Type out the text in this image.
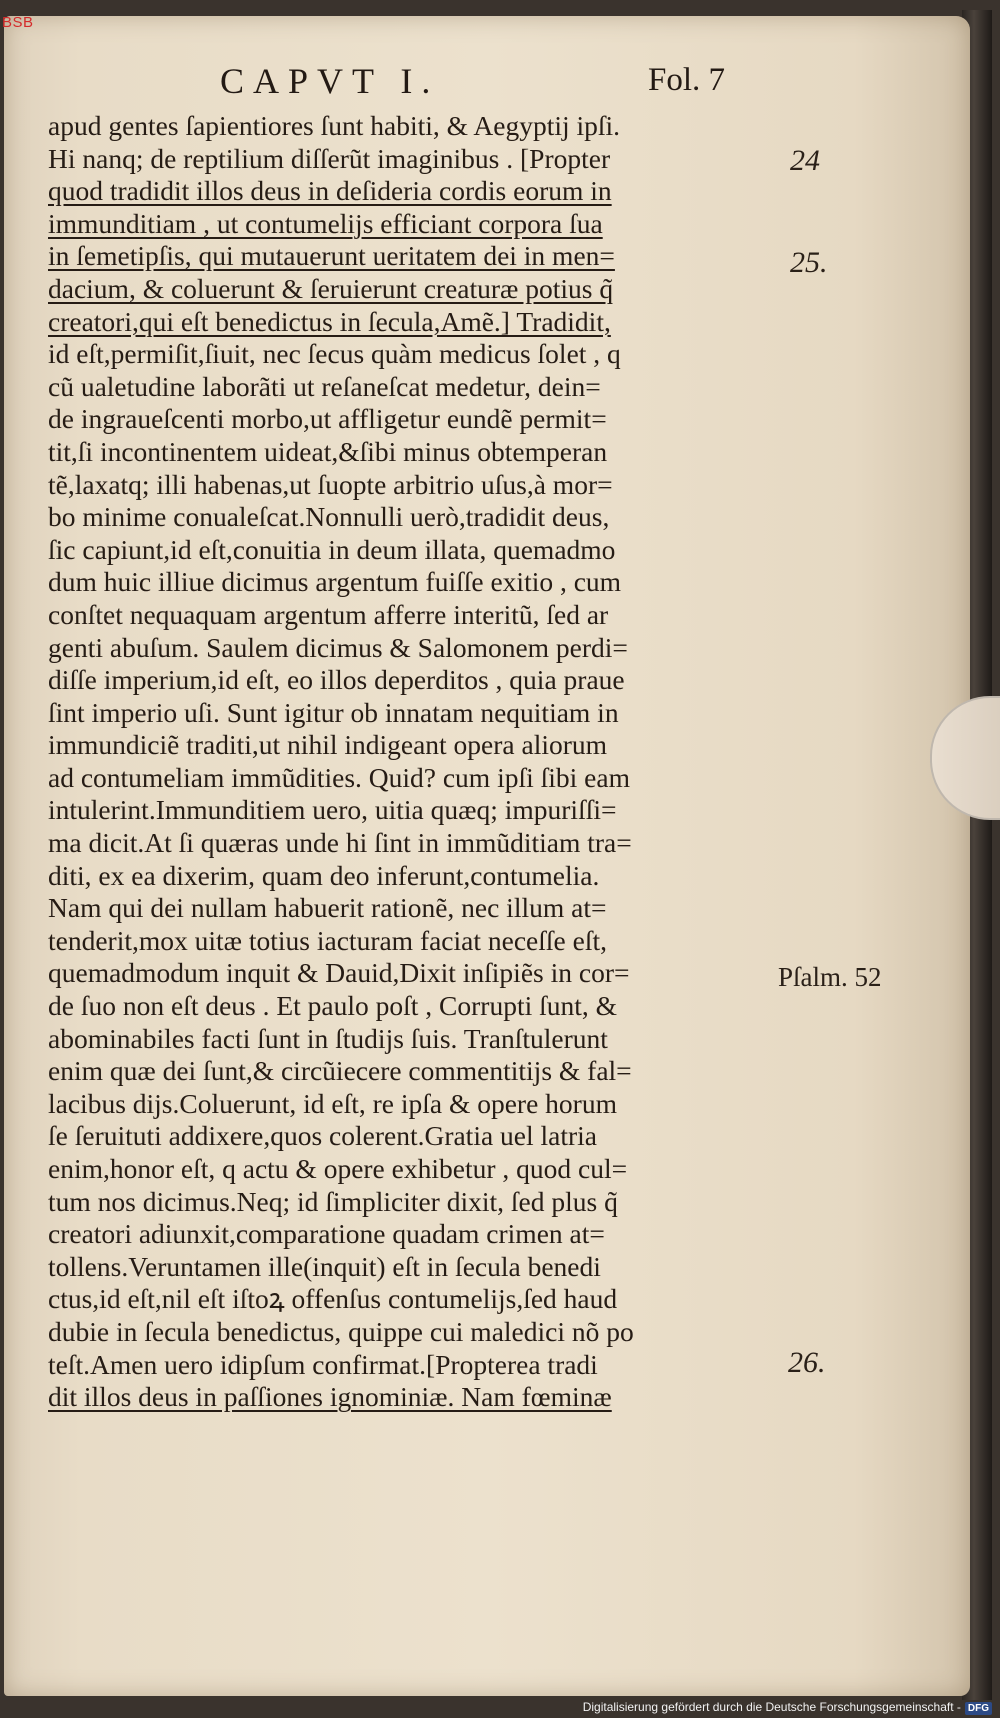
BSB
CAPVT I.	Fol. 7
apud gentes ſapientiores ſunt habiti, & Aegyptij ipſi.
Hi nanq; de reptilium diſſerũt imaginibus . [Propter
quod tradidit illos deus in deſideria cordis eorum in
immunditiam , ut contumelijs efficiant corpora ſua
in ſemetipſis, qui mutauerunt ueritatem dei in men=
dacium, & coluerunt & ſeruierunt creaturæ potius q̃
creatori,qui eſt benedictus in ſecula,Amẽ.] Tradidit,
id eſt,permiſit,ſiuit, nec ſecus quàm medicus ſolet , q
cũ ualetudine laborãti ut reſaneſcat medetur, dein=
de ingraueſcenti morbo,ut affligetur eundẽ permit=
tit,ſi incontinentem uideat,&ſibi minus obtemperan
tẽ,laxatq; illi habenas,ut ſuopte arbitrio uſus,à mor=
bo minime conualeſcat.Nonnulli uerò,tradidit deus,
ſic capiunt,id eſt,conuitia in deum illata, quemadmo
dum huic illiue dicimus argentum fuiſſe exitio , cum
conſtet nequaquam argentum afferre interitũ, ſed ar
genti abuſum. Saulem dicimus & Salomonem perdi=
diſſe imperium,id eſt, eo illos deperditos , quia praue
ſint imperio uſi. Sunt igitur ob innatam nequitiam in
immundiciẽ traditi,ut nihil indigeant opera aliorum
ad contumeliam immũdities. Quid? cum ipſi ſibi eam
intulerint.Immunditiem uero, uitia quæq; impuriſſi=
ma dicit.At ſi quæras unde hi ſint in immũditiam tra=
diti, ex ea dixerim, quam deo inferunt,contumelia.
Nam qui dei nullam habuerit rationẽ, nec illum at=
tenderit,mox uitæ totius iacturam faciat neceſſe eſt,
quemadmodum inquit & Dauid,Dixit inſipiẽs in cor=
de ſuo non eſt deus . Et paulo poſt , Corrupti ſunt, &
abominabiles facti ſunt in ſtudijs ſuis. Tranſtulerunt
enim quæ dei ſunt,& circũiecere commentitijs & fal=
lacibus dijs.Coluerunt, id eſt, re ipſa & opere horum
ſe ſeruituti addixere,quos colerent.Gratia uel latria
enim,honor eſt, q actu & opere exhibetur , quod cul=
tum nos dicimus.Neq; id ſimpliciter dixit, ſed plus q̃
creatori adiunxit,comparatione quadam crimen at=
tollens.Veruntamen ille(inquit) eſt in ſecula benedi
ctus,id eſt,nil eſt iſtoꝝ offenſus contumelijs,ſed haud
dubie in ſecula benedictus, quippe cui maledici nõ po
teſt.Amen uero idipſum confirmat.[Propterea tradi
dit illos deus in paſſiones ignominiæ. Nam fœminæ
24
25.
Pſalm. 52
26.
Digitalisierung gefördert durch die Deutsche Forschungsgemeinschaft - DFG
